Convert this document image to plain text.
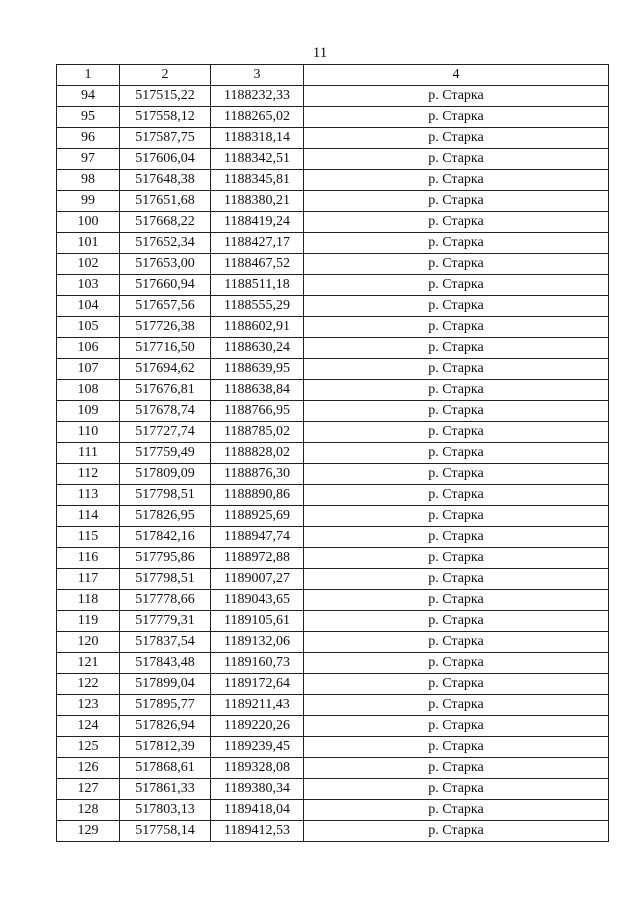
11
1	2	3	4
94	517515,22	1188232,33	р. Старка
95	517558,12	1188265,02	р. Старка
96	517587,75	1188318,14	р. Старка
97	517606,04	1188342,51	р. Старка
98	517648,38	1188345,81	р. Старка
99	517651,68	1188380,21	р. Старка
100	517668,22	1188419,24	р. Старка
101	517652,34	1188427,17	р. Старка
102	517653,00	1188467,52	р. Старка
103	517660,94	1188511,18	р. Старка
104	517657,56	1188555,29	р. Старка
105	517726,38	1188602,91	р. Старка
106	517716,50	1188630,24	р. Старка
107	517694,62	1188639,95	р. Старка
108	517676,81	1188638,84	р. Старка
109	517678,74	1188766,95	р. Старка
110	517727,74	1188785,02	р. Старка
111	517759,49	1188828,02	р. Старка
112	517809,09	1188876,30	р. Старка
113	517798,51	1188890,86	р. Старка
114	517826,95	1188925,69	р. Старка
115	517842,16	1188947,74	р. Старка
116	517795,86	1188972,88	р. Старка
117	517798,51	1189007,27	р. Старка
118	517778,66	1189043,65	р. Старка
119	517779,31	1189105,61	р. Старка
120	517837,54	1189132,06	р. Старка
121	517843,48	1189160,73	р. Старка
122	517899,04	1189172,64	р. Старка
123	517895,77	1189211,43	р. Старка
124	517826,94	1189220,26	р. Старка
125	517812,39	1189239,45	р. Старка
126	517868,61	1189328,08	р. Старка
127	517861,33	1189380,34	р. Старка
128	517803,13	1189418,04	р. Старка
129	517758,14	1189412,53	р. Старка
